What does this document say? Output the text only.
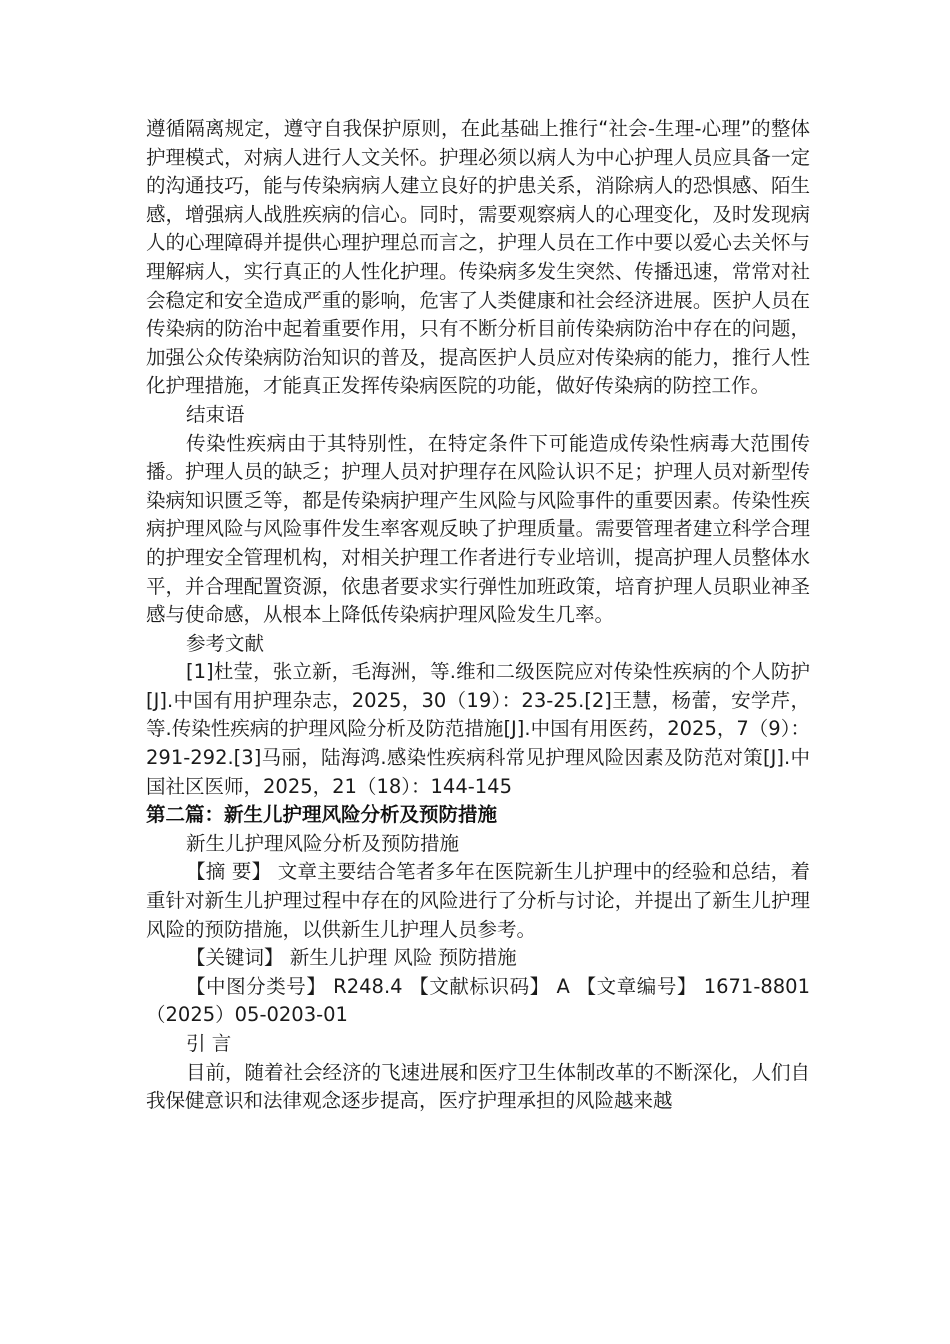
遵循隔离规定，遵守自我保护原则，在此基础上推行“社会-生理-心理”的整体护理模式，对病人进行人文关怀。护理必须以病人为中心护理人员应具备一定的沟通技巧，能与传染病病人建立良好的护患关系，消除病人的恐惧感、陌生感，增强病人战胜疾病的信心。同时，需要观察病人的心理变化，及时发现病人的心理障碍并提供心理护理总而言之，护理人员在工作中要以爱心去关怀与理解病人，实行真正的人性化护理。传染病多发生突然、传播迅速，常常对社会稳定和安全造成严重的影响，危害了人类健康和社会经济进展。医护人员在传染病的防治中起着重要作用，只有不断分析目前传染病防治中存在的问题，加强公众传染病防治知识的普及，提高医护人员应对传染病的能力，推行人性化护理措施，才能真正发挥传染病医院的功能，做好传染病的防控工作。

结束语

传染性疾病由于其特别性，在特定条件下可能造成传染性病毒大范围传播。护理人员的缺乏；护理人员对护理存在风险认识不足；护理人员对新型传染病知识匮乏等，都是传染病护理产生风险与风险事件的重要因素。传染性疾病护理风险与风险事件发生率客观反映了护理质量。需要管理者建立科学合理的护理安全管理机构，对相关护理工作者进行专业培训，提高护理人员整体水平，并合理配置资源，依患者要求实行弹性加班政策，培育护理人员职业神圣感与使命感，从根本上降低传染病护理风险发生几率。

参考文献

[1]杜莹，张立新，毛海洲，等.维和二级医院应对传染性疾病的个人防护[J].中国有用护理杂志，2025，30（19）：23-25.[2]王慧，杨蕾，安学芹，等.传染性疾病的护理风险分析及防范措施[J].中国有用医药，2025，7（9）：291-292.[3]马丽，陆海鸿.感染性疾病科常见护理风险因素及防范对策[J].中国社区医师，2025，21（18）：144-145

第二篇：新生儿护理风险分析及预防措施

新生儿护理风险分析及预防措施

【摘 要】 文章主要结合笔者多年在医院新生儿护理中的经验和总结，着重针对新生儿护理过程中存在的风险进行了分析与讨论，并提出了新生儿护理风险的预防措施，以供新生儿护理人员参考。

【关键词】 新生儿护理 风险 预防措施

【中图分类号】 R248.4 【文献标识码】 A 【文章编号】 1671-8801（2025）05-0203-01

引 言

目前，随着社会经济的飞速进展和医疗卫生体制改革的不断深化，人们自我保健意识和法律观念逐步提高，医疗护理承担的风险越来越
